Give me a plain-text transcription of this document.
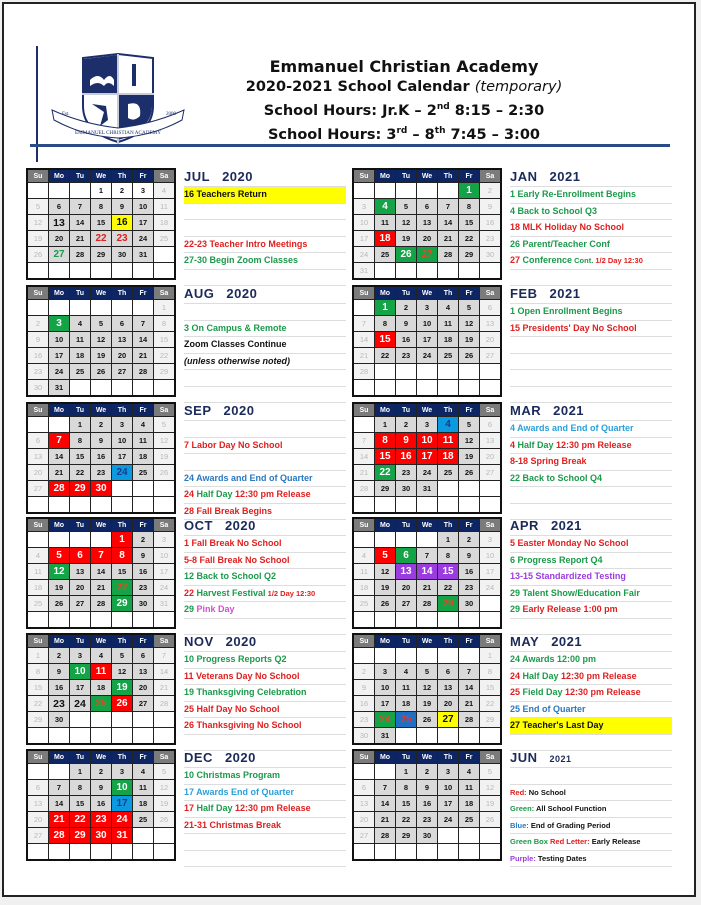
Est.	2000
EMMANUEL CHRISTIAN ACADEMY
Emmanuel Christian Academy
2020-2021 School Calendar (temporary)
School Hours: Jr.K – 2nd 8:15 – 2:30
School Hours: 3rd – 8th 7:45 – 3:00
Su	Mo	Tu	We	Th	Fr	Sa
			1	2	3	4
5	6	7	8	9	10	11
12	13	14	15	16	17	18
19	20	21	22	23	24	25
26	27	28	29	30	31	

JUL 2020
16 Teachers Return
22-23 Teacher Intro Meetings
27-30 Begin Zoom Classes
Su	Mo	Tu	We	Th	Fr	Sa
						1
2	3	4	5	6	7	8
9	10	11	12	13	14	15
16	17	18	19	20	21	22
23	24	25	26	27	28	29
30	31					
AUG 2020
3 On Campus & Remote
Zoom Classes Continue
(unless otherwise noted)
Su	Mo	Tu	We	Th	Fr	Sa
		1	2	3	4	5
6	7	8	9	10	11	12
13	14	15	16	17	18	19
20	21	22	23	24	25	26
27	28	29	30			

SEP 2020
7 Labor Day No School
24 Awards and End of Quarter
24 Half Day 12:30 pm Release
28 Fall Break Begins
Su	Mo	Tu	We	Th	Fr	Sa
				1	2	3
4	5	6	7	8	9	10
11	12	13	14	15	16	17
18	19	20	21	22	23	24
25	26	27	28	29	30	31

OCT 2020
1 Fall Break No School
5-8 Fall Break No School
12 Back to School Q2
22 Harvest Festival 1/2 Day 12:30
29 Pink Day
Su	Mo	Tu	We	Th	Fr	Sa
1	2	3	4	5	6	7
8	9	10	11	12	13	14
15	16	17	18	19	20	21
22	23	24	25	26	27	28
29	30					

NOV 2020
10 Progress Reports Q2
11 Veterans Day No School
19 Thanksgiving Celebration
25 Half Day No School
26 Thanksgiving No School
Su	Mo	Tu	We	Th	Fr	Sa
		1	2	3	4	5
6	7	8	9	10	11	12
13	14	15	16	17	18	19
20	21	22	23	24	25	26
27	28	29	30	31		

DEC 2020
10 Christmas Program
17 Awards End of Quarter
17 Half Day 12:30 pm Release
21-31 Christmas Break
Su	Mo	Tu	We	Th	Fr	Sa
					1	2
3	4	5	6	7	8	9
10	11	12	13	14	15	16
17	18	19	20	21	22	23
24	25	26	27	28	29	30
31						
JAN 2021
1 Early Re-Enrollment Begins
4 Back to School Q3
18 MLK Holiday No School
26 Parent/Teacher Conf
27 Conference Cont. 1/2 Day 12:30
Su	Mo	Tu	We	Th	Fr	Sa
	1	2	3	4	5	6
7	8	9	10	11	12	13
14	15	16	17	18	19	20
21	22	23	24	25	26	27
28						

FEB 2021
1 Open Enrollment Begins
15 Presidents' Day No School
Su	Mo	Tu	We	Th	Fr	Sa
	1	2	3	4	5	6
7	8	9	10	11	12	13
14	15	16	17	18	19	20
21	22	23	24	25	26	27
28	29	30	31			

MAR 2021
4 Awards and End of Quarter
4 Half Day 12:30 pm Release
8-18 Spring Break
22 Back to School Q4
Su	Mo	Tu	We	Th	Fr	Sa
				1	2	3
4	5	6	7	8	9	10
11	12	13	14	15	16	17
18	19	20	21	22	23	24
25	26	27	28	29	30	

APR 2021
5 Easter Monday No School
6 Progress Report Q4
13-15 Standardized Testing
29 Talent Show/Education Fair
29 Early Release 1:00 pm
Su	Mo	Tu	We	Th	Fr	Sa
						1
2	3	4	5	6	7	8
9	10	11	12	13	14	15
16	17	18	19	20	21	22
23	24	25	26	27	28	29
30	31					
MAY 2021
24 Awards 12:00 pm
24 Half Day 12:30 pm Release
25 Field Day 12:30 pm Release
25 End of Quarter
27 Teacher's Last Day
Su	Mo	Tu	We	Th	Fr	Sa
		1	2	3	4	5
6	7	8	9	10	11	12
13	14	15	16	17	18	19
20	21	22	23	24	25	26
27	28	29	30			

JUN 2021
Red: No School
Green: All School Function
Blue: End of Grading Period
Green Box Red Letter: Early Release
Purple: Testing Dates
